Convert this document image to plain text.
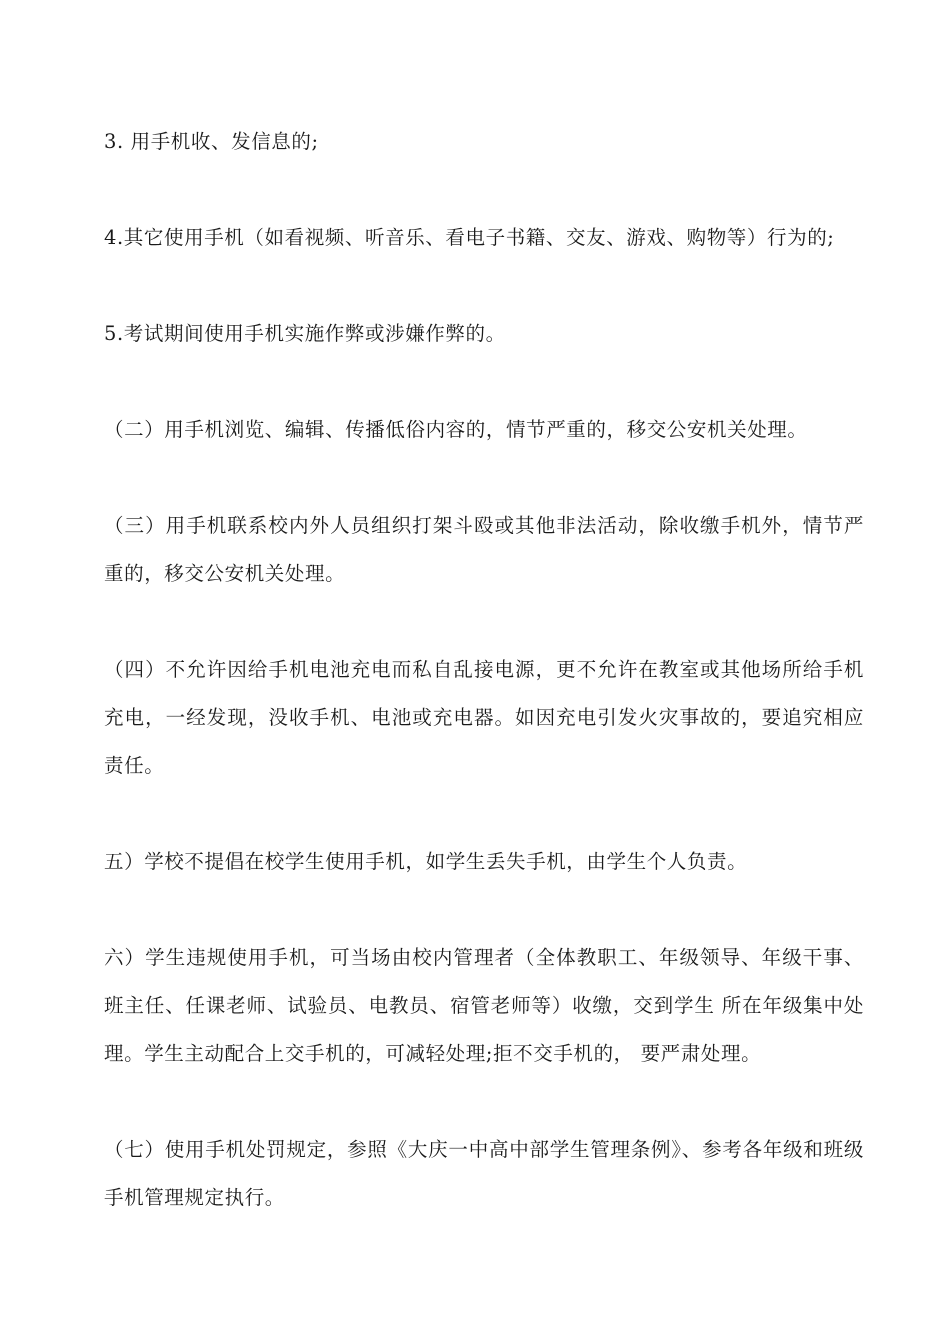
3. 用手机收、发信息的;

4.其它使用手机（如看视频、听音乐、看电子书籍、交友、游戏、购物等）行为的;

5.考试期间使用手机实施作弊或涉嫌作弊的。

（二）用手机浏览、编辑、传播低俗内容的，情节严重的，移交公安机关处理。

（三）用手机联系校内外人员组织打架斗殴或其他非法活动，除收缴手机外，情节严重的，移交公安机关处理。

（四）不允许因给手机电池充电而私自乱接电源，更不允许在教室或其他场所给手机充电，一经发现，没收手机、电池或充电器。如因充电引发火灾事故的，要追究相应责任。

五）学校不提倡在校学生使用手机，如学生丢失手机，由学生个人负责。

六）学生违规使用手机，可当场由校内管理者（全体教职工、年级领导、年级干事、班主任、任课老师、试验员、电教员、宿管老师等）收缴，交到学生 所在年级集中处理。学生主动配合上交手机的，可减轻处理;拒不交手机的， 要严肃处理。

（七）使用手机处罚规定，参照《大庆一中高中部学生管理条例》、参考各年级和班级手机管理规定执行。
